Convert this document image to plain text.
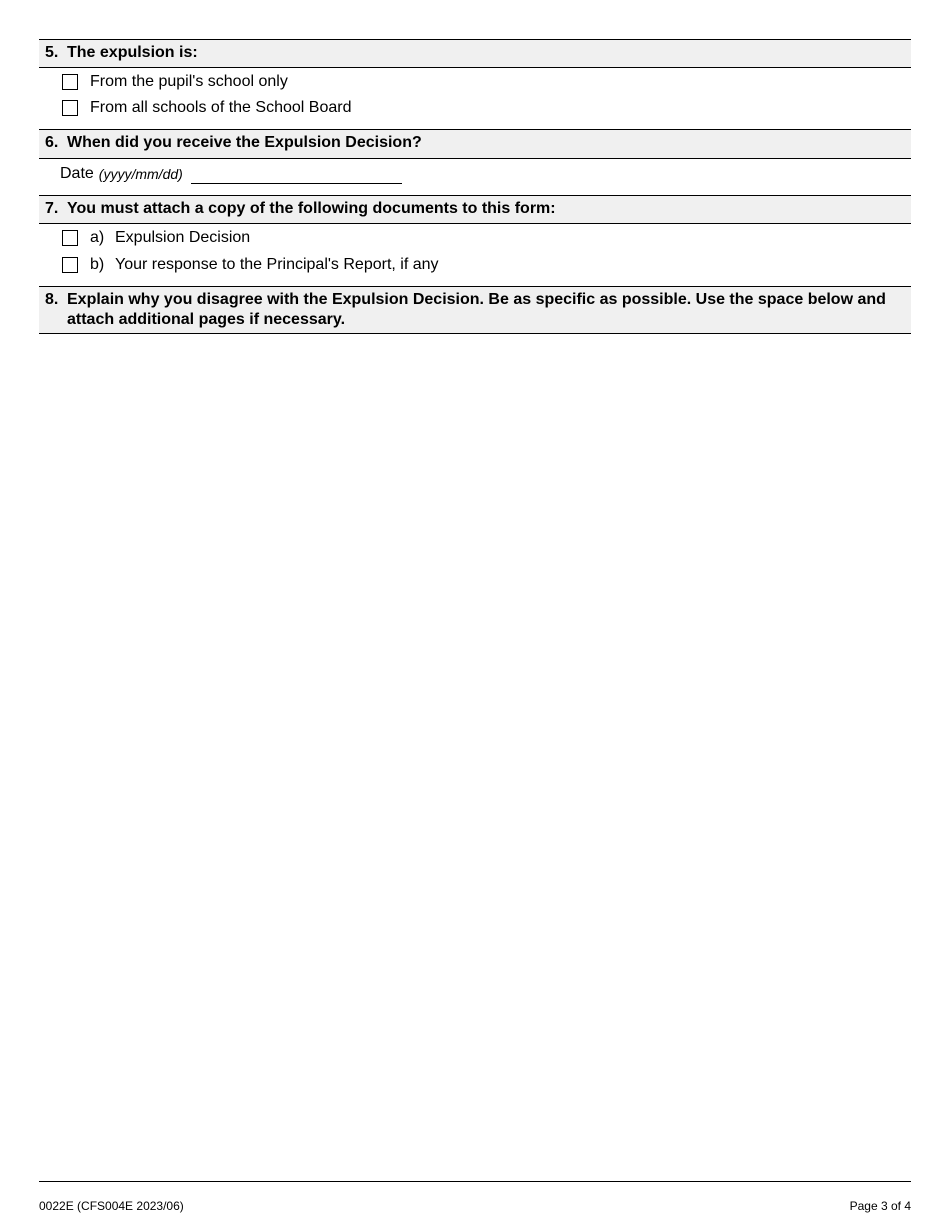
5. The expulsion is:
From the pupil's school only
From all schools of the School Board
6. When did you receive the Expulsion Decision?
Date (yyyy/mm/dd)
7. You must attach a copy of the following documents to this form:
a) Expulsion Decision
b) Your response to the Principal's Report, if any
8. Explain why you disagree with the Expulsion Decision. Be as specific as possible. Use the space below and attach additional pages if necessary.
0022E (CFS004E 2023/06)	Page 3 of 4
